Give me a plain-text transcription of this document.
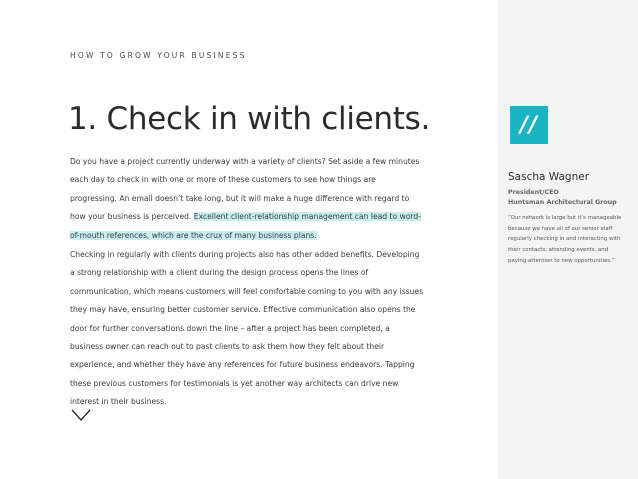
HOW TO GROW YOUR BUSINESS
1. Check in with clients.

Do you have a project currently underway with a variety of clients? Set aside a few minutes each day to check in with one or more of these customers to see how things are progressing. An email doesn’t take long, but it will make a huge difference with regard to how your business is perceived. Excellent client-relationship management can lead to word-of-mouth references, which are the crux of many business plans.

Checking in regularly with clients during projects also has other added benefits. Developing a strong relationship with a client during the design process opens the lines of communication, which means customers will feel comfortable coming to you with any issues they may have, ensuring better customer service. Effective communication also opens the door for further conversations down the line – after a project has been completed, a business owner can reach out to past clients to ask them how they felt about their experience, and whether they have any references for future business endeavors. Tapping these previous customers for testimonials is yet another way architects can drive new interest in their business.

//
Sascha Wagner
President/CEO
Huntsman Architectural Group

“Our network is large but it’s manageable because we have all of our senior staff regularly checking in and interacting with their contacts, attending events, and paying attention to new opportunities.”
